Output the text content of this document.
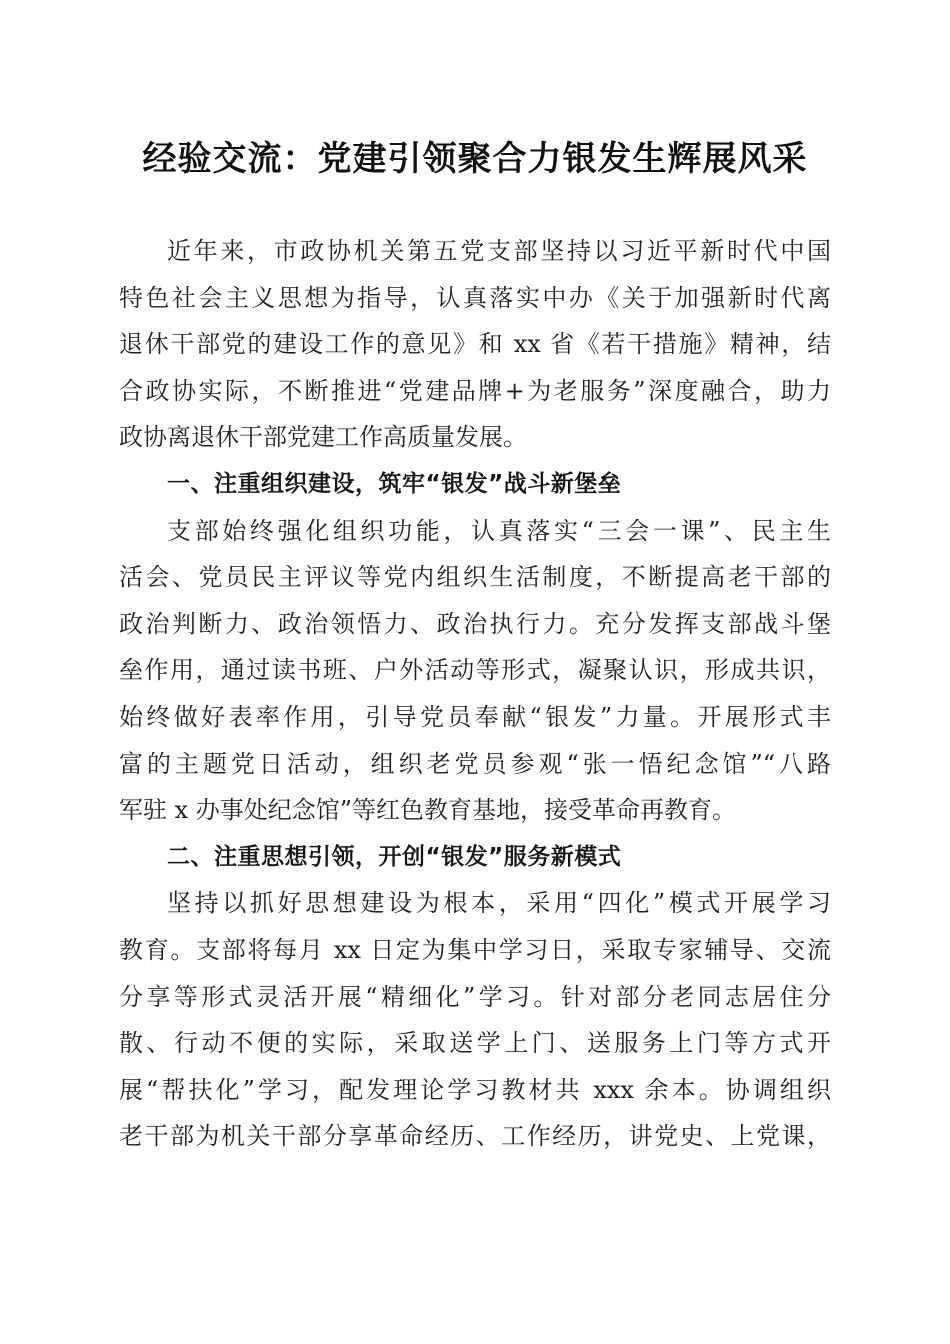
经验交流：党建引领聚合力银发生辉展风采
近年来，市政协机关第五党支部坚持以习近平新时代中国
特色社会主义思想为指导，认真落实中办《关于加强新时代离
退休干部党的建设工作的意见》和 xx 省《若干措施》精神，结
合政协实际，不断推进“党建品牌+为老服务”深度融合，助力
政协离退休干部党建工作高质量发展。
一、注重组织建设，筑牢“银发”战斗新堡垒
支部始终强化组织功能，认真落实“三会一课”、民主生
活会、党员民主评议等党内组织生活制度，不断提高老干部的
政治判断力、政治领悟力、政治执行力。充分发挥支部战斗堡
垒作用，通过读书班、户外活动等形式，凝聚认识，形成共识，
始终做好表率作用，引导党员奉献“银发”力量。开展形式丰
富的主题党日活动，组织老党员参观“张一悟纪念馆”“八路
军驻 x 办事处纪念馆”等红色教育基地，接受革命再教育。
二、注重思想引领，开创“银发”服务新模式
坚持以抓好思想建设为根本，采用“四化”模式开展学习
教育。支部将每月 xx 日定为集中学习日，采取专家辅导、交流
分享等形式灵活开展“精细化”学习。针对部分老同志居住分
散、行动不便的实际，采取送学上门、送服务上门等方式开
展“帮扶化”学习，配发理论学习教材共 xxx 余本。协调组织
老干部为机关干部分享革命经历、工作经历，讲党史、上党课，
